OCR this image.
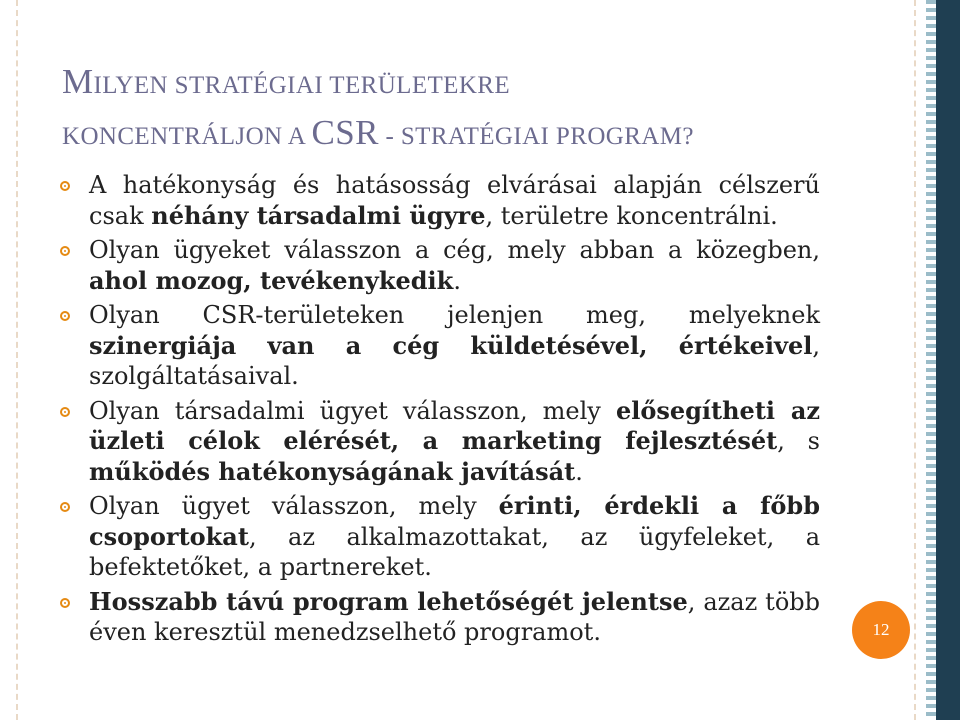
MILYEN STRATÉGIAI TERÜLETEKRE
KONCENTRÁLJON A CSR - STRATÉGIAI PROGRAM?
A hatékonyság és hatásosság elvárásai alapján célszerű csak néhány társadalmi ügyre, területre koncentrálni.
Olyan ügyeket válasszon a cég, mely abban a közegben, ahol mozog, tevékenykedik.
Olyan CSR-területeken jelenjen meg, melyeknek szinergiája van a cég küldetésével, értékeivel, szolgáltatásaival.
Olyan társadalmi ügyet válasszon, mely elősegítheti az üzleti célok elérését, a marketing fejlesztését, s működés hatékonyságának javítását.
Olyan ügyet válasszon, mely érinti, érdekli a főbb csoportokat, az alkalmazottakat, az ügyfeleket, a befektetőket, a partnereket.
Hosszabb távú program lehetőségét jelentse, azaz több éven keresztül menedzselhető programot.	12
